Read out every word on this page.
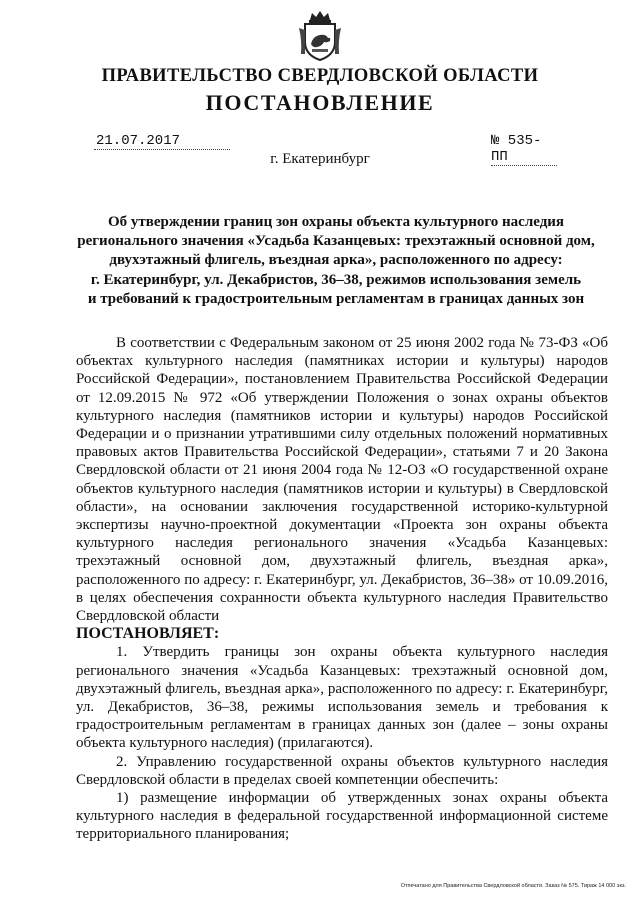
ПРАВИТЕЛЬСТВО СВЕРДЛОВСКОЙ ОБЛАСТИ
ПОСТАНОВЛЕНИЕ
21.07.2017	№ 535-ПП
г. Екатеринбург
Об утверждении границ зон охраны объекта культурного наследия
регионального значения «Усадьба Казанцевых: трехэтажный основной дом,
двухэтажный флигель, въездная арка», расположенного по адресу:
г. Екатеринбург, ул. Декабристов, 36–38, режимов использования земель
и требований к градостроительным регламентам в границах данных зон

В соответствии с Федеральным законом от 25 июня 2002 года № 73-ФЗ «Об объектах культурного наследия (памятниках истории и культуры) народов Российской Федерации», постановлением Правительства Российской Федерации от 12.09.2015 № 972 «Об утверждении Положения о зонах охраны объектов культурного наследия (памятников истории и культуры) народов Российской Федерации и о признании утратившими силу отдельных положений нормативных правовых актов Правительства Российской Федерации», статьями 7 и 20 Закона Свердловской области от 21 июня 2004 года № 12-ОЗ «О государственной охране объектов культурного наследия (памятников истории и культуры) в Свердловской области», на основании заключения государственной историко-культурной экспертизы научно-проектной документации «Проекта зон охраны объекта культурного наследия регионального значения «Усадьба Казанцевых: трехэтажный основной дом, двухэтажный флигель, въездная арка», расположенного по адресу: г. Екатеринбург, ул. Декабристов, 36–38» от 10.09.2016, в целях обеспечения сохранности объекта культурного наследия Правительство Свердловской области

ПОСТАНОВЛЯЕТ:

1. Утвердить границы зон охраны объекта культурного наследия регионального значения «Усадьба Казанцевых: трехэтажный основной дом, двухэтажный флигель, въездная арка», расположенного по адресу: г. Екатеринбург, ул. Декабристов, 36–38, режимы использования земель и требования к градостроительным регламентам в границах данных зон (далее – зоны охраны объекта культурного наследия) (прилагаются).

2. Управлению государственной охраны объектов культурного наследия Свердловской области в пределах своей компетенции обеспечить:

1) размещение информации об утвержденных зонах охраны объекта культурного наследия в федеральной государственной информационной системе территориального планирования;

Отпечатано для Правительства Свердловской области. Заказ № 575. Тираж 14 000 экз.
